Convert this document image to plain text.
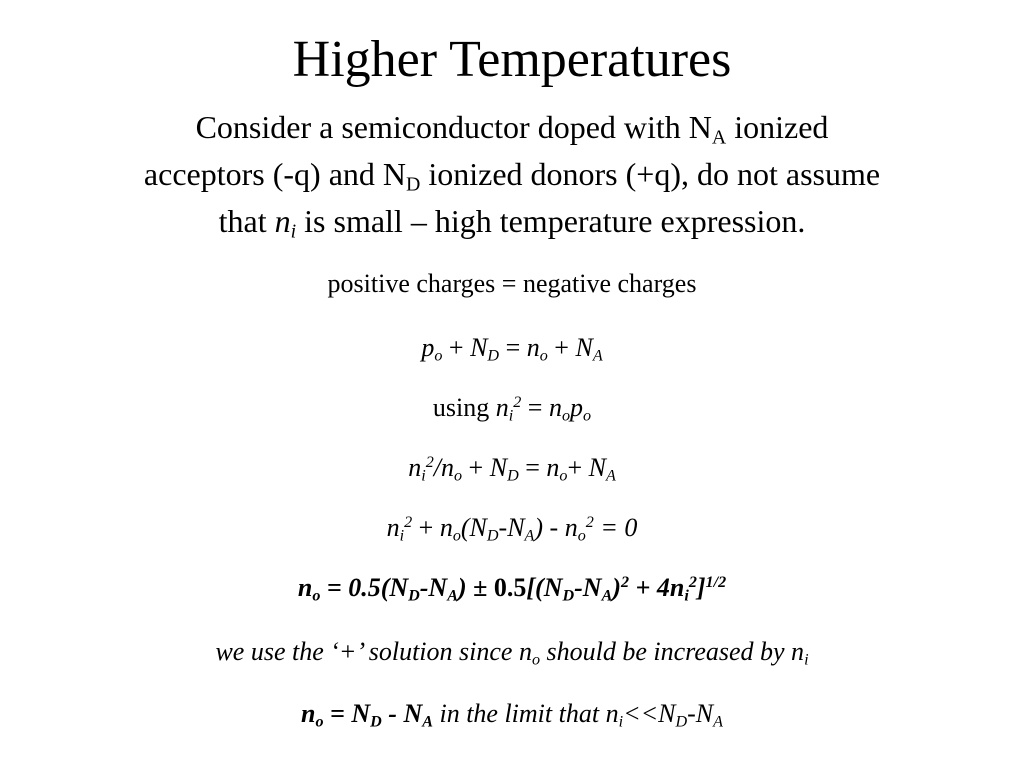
Higher Temperatures
Consider a semiconductor doped with $N_A$ ionized
acceptors (-q) and $N_D$ ionized donors (+q), do not assume
that $n_i$ is small – high temperature expression.
positive charges = negative charges
$p_o + N_D = n_o + N_A$
using $n_i^2 = n_op_o$
$n_i^2/n_o + N_D = n_o+ N_A$
$n_i^2 + n_o(N_D-N_A) - n_o^2 = 0$
$n_o = 0.5(N_D-N_A) \pm 0.5[(N_D-N_A)^2 + 4n_i^2]^{1/2}$
we use the ‘+’ solution since $n_o$ should be increased by $n_i$
$n_o = N_D - N_A$ in the limit that $n_i<<N_D-N_A$
